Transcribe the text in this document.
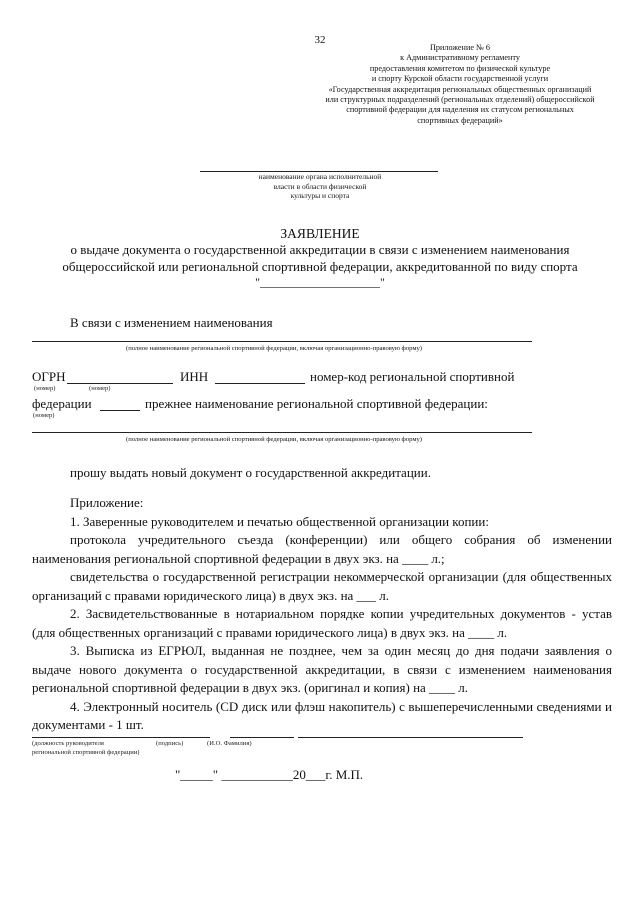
32
Приложение № 6
к Административному регламенту
предоставления комитетом по физической культуре
и спорту Курской области государственной услуги
«Государственная аккредитация региональных общественных организаций
или структурных подразделений (региональных отделений) общероссийской
спортивной федерации для наделения их статусом региональных
спортивных федераций»
наименование органа исполнительной
власти в области физической
культуры и спорта
ЗАЯВЛЕНИЕ
о выдаче документа о государственной аккредитации в связи с изменением наименования
общероссийской или региональной спортивной федерации, аккредитованной по виду спорта
"____________________"
В связи с изменением наименования
(полное наименование региональной спортивной федерации, включая организационно-правовую форму)
ОГРН	ИНН	номер-код региональной спортивной
(номер)	(номер)
федерации	прежнее наименование региональной спортивной федерации:
(номер)
(полное наименование региональной спортивной федерации, включая организационно-правовую форму)
прошу выдать новый документ о государственной аккредитации.

Приложение:

1. Заверенные руководителем и печатью общественной организации копии:

протокола учредительного съезда (конференции) или общего собрания об изменении наименования региональной спортивной федерации в двух экз. на ____ л.;

свидетельства о государственной регистрации некоммерческой организации (для общественных организаций с правами юридического лица) в двух экз. на ___ л.

2. Засвидетельствованные в нотариальном порядке копии учредительных документов - устав (для общественных организаций с правами юридического лица) в двух экз. на ____ л.

3. Выписка из ЕГРЮЛ, выданная не позднее, чем за один месяц до дня подачи заявления о выдаче нового документа о государственной аккредитации, в связи с изменением наименования региональной спортивной федерации в двух экз. (оригинал и копия) на ____ л.

4. Электронный носитель (CD диск или флэш накопитель) с вышеперечисленными сведениями и документами - 1 шт.

(должность руководителя	(подпись)	(И.О. Фамилия)
региональной спортивной федерации)
"_____" ___________20___г. М.П.
